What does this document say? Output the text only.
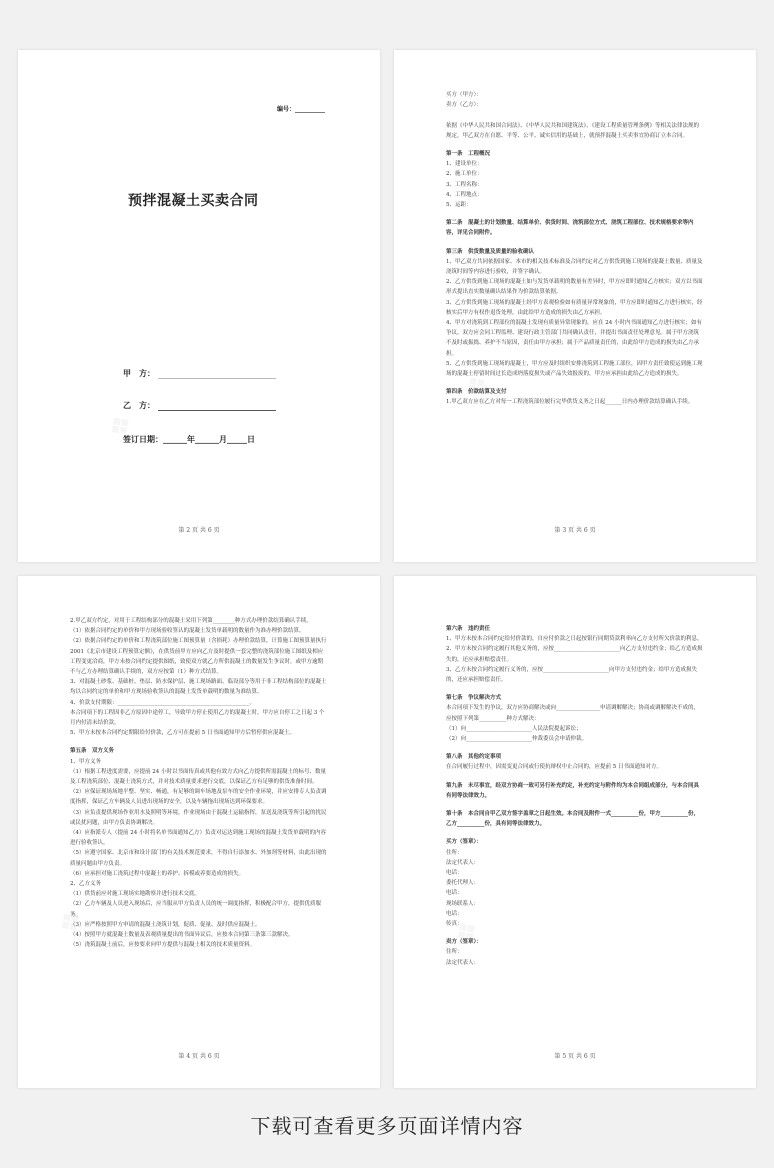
编号：__________
预拌混凝土买卖合同
甲　方：
乙　方：
签订日期：______年______月_____日
第 2 页 共 6 页

买方（甲方）：

卖方（乙方）：

依据《中华人民共和国合同法》、《中华人民共和国建筑法》、《建设工程质量管理条例》等相关法律法规的规定，甲乙双方在自愿、平等、公平、诚实信用的基础上，就预拌混凝土买卖事宜协商订立本合同。

第一条　工程概况

1、建设单位：

2、施工单位：

3、工程名称：

4、工程地点：

5、运距：

第二条　混凝土的计划数量、结算单价、供货时间、浇筑部位方式、浇筑工程部位、技术规格要求等内容，详见合同附件。

第三条　供货数量及质量的验收确认

1、甲乙双方共同依据国家、本市的相关技术标准及合同约定对乙方供货到施工现场的混凝土数量、质量及浇筑时间等内容进行验收，并签字确认。

2、乙方供货到施工现场的混凝土如与发货单载明的数量有差异时，甲方应即时通知乙方核实；双方以书面形式提出直实数量确认结果作为价款结算依据。

3、乙方供货到施工现场的混凝土经甲方表观检验如有质量异常现象的，甲方应即时通知乙方进行核实，经核实后甲方有权作退货处理，由此给甲方造成的损失由乙方承担。

4、甲方对浇筑到工程部位的混凝土发现有质量异常现象的，应在 24 小时内书面通知乙方进行核实；如有争议，双方应会同工程监理、建设行政主管部门共同确认责任，并提出书面责任处理意见。属于甲方浇筑不及时或振捣、养护不当原因，责任由甲方承担；属于产品质量责任的，由此给甲方造成的损失由乙方承担。

5、乙方供货到施工现场的混凝土，甲方应及时组织安排浇筑到工程施工部位，因甲方责任致使运到施工现场的混凝土停留时间过长造成坍落度损失或产品失效报废的，甲方应承担由此给乙方造成的损失。

第四条　价款结算及支付

1.甲乙双方应在乙方对每一工程浇筑部位履行完毕供货义务之日起______日内办理价款结算确认手续。

第 3 页 共 6 页

2.甲乙双方约定，对用于工程结构部分的混凝土采用下列第________种方式办理价款结算确认手续。

（1）依据合同约定的单价和甲方现场验收签认的混凝土发货单载明的数量作为准办理价款结算。

（2）依据合同约定的单价和工程浇筑部位施工图预算量（含损耗）办理价款结算，计算施工图预算量执行 2001《北京市建设工程预算定额》，在供货前甲方应向乙方及时提供一套完整的浇筑部位施工图纸及相应工程变更洽商，甲方未按合同约定提供图纸，致使双方就乙方所供混凝土的数量发生争议时，或甲方逾期不与乙方办理结算确认手续的，双方应按第（1）种方式结算。

3、对混凝土砂浆、基础桩、垫层、防水保护层、施工现场路面、临设部分等用于非工程结构部位的混凝土均以合同约定的单价和甲方现场验收签认的混凝土发货单载明的数量为准结算。

4、价款支付期限：________________________________________________。

本合同项下的工程因非乙方原因中途停工，导致甲方停止使用乙方的混凝土时，甲方应自停工之日起 3 个月内付清未结价款。

5、甲方未按本合同约定期限给付价款，乙方可在提前 5 日书面通知甲方后暂停供应混凝土。

第五条　双方义务

1、甲方义务

（1）根据工程进度需要，应提前 24 小时以书面传真或其他有效方式向乙方提供所需混凝土的标号、数量及工程浇筑部位、混凝土浇筑方式，并对技术质量要求进行交底，以保证乙方有足够的供货准备时间。

（2）应保证现场场地平整、坚实、畅通，有足够的调车场地及泵车的安全作业环境，并应安排专人负责调度指挥，保证乙方车辆及人员进出现场的安全，以及车辆拖出现场达到环保要求。

（3）应负责提供现场作业用水及照明等环境，作业现场由于混凝土运输指挥，泵送及浇筑等所引起的扰民或民扰问题，由甲方负责协调解决。

（4）应指派专人（提前 24 小时将名单书面通知乙方）负责对运达到施工现场的混凝土发货单载明的内容进行验收签认。

（5）应遵守国家、北京市和设计部门的有关技术规范要求，不得自行添加水、外加剂等材料，由此出现的质量问题由甲方负责。

（6）应承担对施工浇筑过程中混凝土的养护、拆模或养要造成的损失。

2、乙方义务

（1）供货前应对施工现场实地勘察并进行技术交底。

（2）乙方车辆及人员进入现场后，应当服从甲方负责人员的统一调度指挥，积极配合甲方，提供优质服务。

（3）应严格按照甲方申请的混凝土浇筑计划，促质、促量、及时供应混凝土。

（4）按照甲方就混凝土数量及表观质量提出的书面异议后，应按本合同第三条第三款解决。

（5）浇筑混凝土前后，应按要求向甲方提供与混凝土相关的技术质量资料。

第 4 页 共 6 页

第六条　违约责任

1、甲方未按本合同约定给付价款的，自应付价款之日起按银行同期贷款利率向乙方支付所欠价款的利息。

2、甲方未按合同约定履行其他义务的，应按________________________向乙方支付违约金；给乙方造成损失的，还应承担赔偿责任。

3、乙方未按合同约定履行义务的，应按________________________向甲方支付违约金；给甲方造成损失的，还应承担赔偿责任。

第七条　争议解决方式

本合同项下发生的争议，双方应协商解决或向________________申请调解解决；协商或调解解决不成的，应按照下列第__________种方式解决：

（1）向________________________人民法院提起诉讼；

（2）向________________________仲裁委员会申请仲裁。

第八条　其他约定事项

在合同履行过程中，因需变更合同或行使抗辩权中止合同的，应提前 5 日书面通知对方。

第九条　未尽事宜，经双方协商一致可另行补充约定，补充约定与附件均为本合同组成部分，与本合同具有同等法律效力。

第十条　本合同自甲乙双方签字盖章之日起生效。本合同及附件一式__________份，甲方__________份，乙方__________份，具有同等法律效力。

买方（签章）：

住所：

法定代表人：

电话：

委托代理人：

电话：

现场联系人：

电话：

传真：

卖方（签章）：

住所：

法定代表人：

第 5 页 共 6 页
下载可查看更多页面详情内容
